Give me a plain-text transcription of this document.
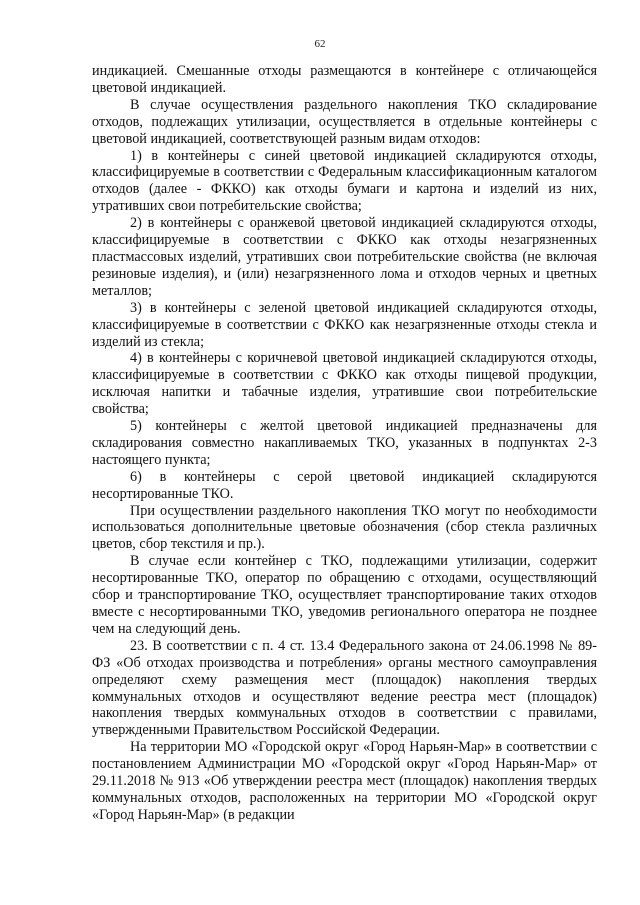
62

индикацией. Смешанные отходы размещаются в контейнере с отличающейся цветовой индикацией.

В случае осуществления раздельного накопления ТКО складирование отходов, подлежащих утилизации, осуществляется в отдельные контейнеры с цветовой индикацией, соответствующей разным видам отходов:

1) в контейнеры с синей цветовой индикацией складируются отходы, классифицируемые в соответствии с Федеральным классификационным каталогом отходов (далее - ФККО) как отходы бумаги и картона и изделий из них, утративших свои потребительские свойства;

2) в контейнеры с оранжевой цветовой индикацией складируются отходы, классифицируемые в соответствии с ФККО как отходы незагрязненных пластмассовых изделий, утративших свои потребительские свойства (не включая резиновые изделия), и (или) незагрязненного лома и отходов черных и цветных металлов;

3) в контейнеры с зеленой цветовой индикацией складируются отходы, классифицируемые в соответствии с ФККО как незагрязненные отходы стекла и изделий из стекла;

4) в контейнеры с коричневой цветовой индикацией складируются отходы, классифицируемые в соответствии с ФККО как отходы пищевой продукции, исключая напитки и табачные изделия, утратившие свои потребительские свойства;

5) контейнеры с желтой цветовой индикацией предназначены для складирования совместно накапливаемых ТКО, указанных в подпунктах 2-3 настоящего пункта;

6) в контейнеры с серой цветовой индикацией складируются несортированные ТКО.

При осуществлении раздельного накопления ТКО могут по необходимости использоваться дополнительные цветовые обозначения (сбор стекла различных цветов, сбор текстиля и пр.).

В случае если контейнер с ТКО, подлежащими утилизации, содержит несортированные ТКО, оператор по обращению с отходами, осуществляющий сбор и транспортирование ТКО, осуществляет транспортирование таких отходов вместе с несортированными ТКО, уведомив регионального оператора не позднее чем на следующий день.

23. В соответствии с п. 4 ст. 13.4 Федерального закона от 24.06.1998 № 89-ФЗ «Об отходах производства и потребления» органы местного самоуправления определяют схему размещения мест (площадок) накопления твердых коммунальных отходов и осуществляют ведение реестра мест (площадок) накопления твердых коммунальных отходов в соответствии с правилами, утвержденными Правительством Российской Федерации.

На территории МО «Городской округ «Город Нарьян-Мар» в соответствии с постановлением Администрации МО «Городской округ «Город Нарьян-Мар» от 29.11.2018 № 913 «Об утверждении реестра мест (площадок) накопления твердых коммунальных отходов, расположенных на территории МО «Городской округ «Город Нарьян-Мар» (в редакции
